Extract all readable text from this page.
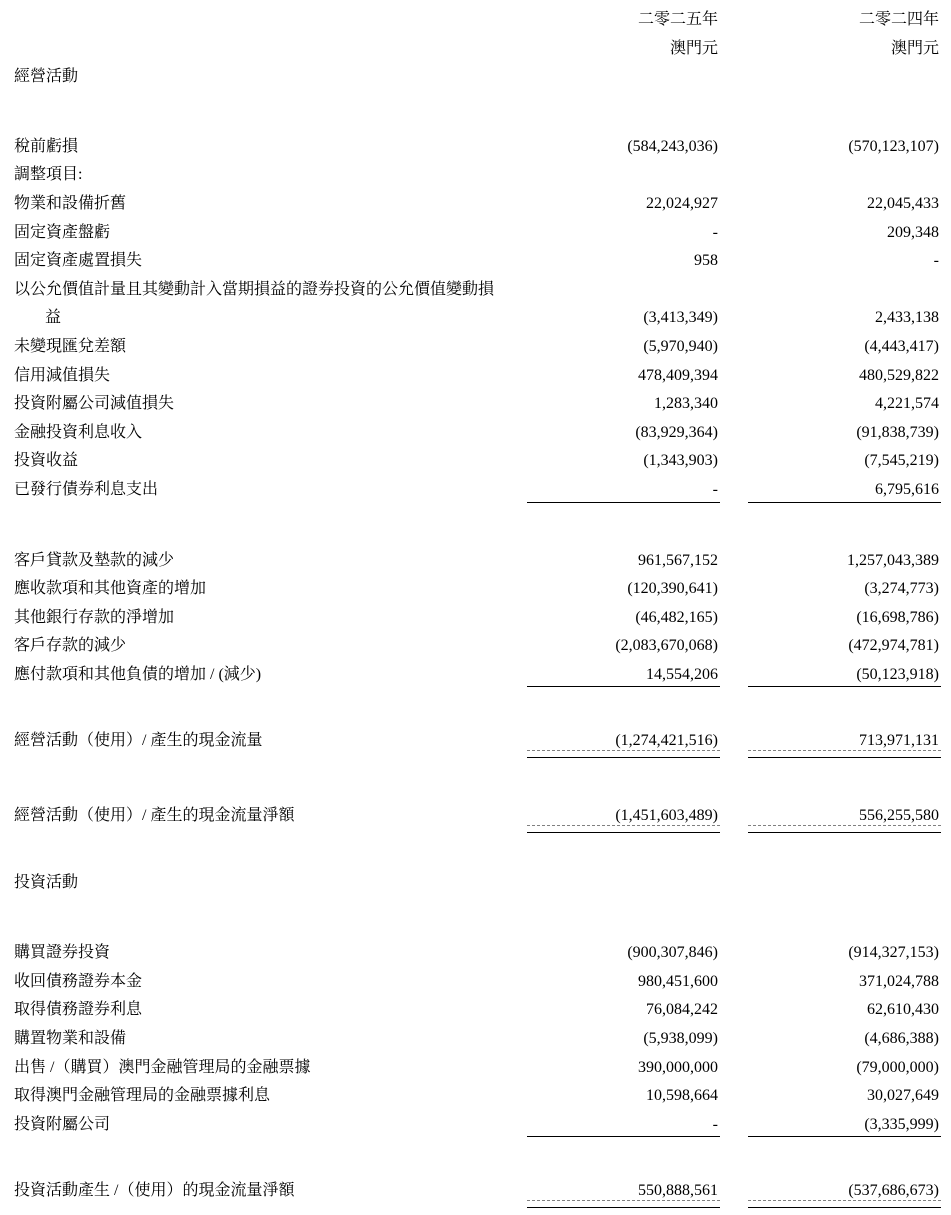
二零二五年	二零二四年
澳門元	澳門元
經營活動
稅前虧損	(584,243,036)	(570,123,107)
調整項目:
物業和設備折舊	22,024,927	22,045,433
固定資產盤虧	-	209,348
固定資產處置損失	958	-
以公允價值計量且其變動計入當期損益的證券投資的公允價值變動損
益	(3,413,349)	2,433,138
未變現匯兌差額	(5,970,940)	(4,443,417)
信用減值損失	478,409,394	480,529,822
投資附屬公司減值損失	1,283,340	4,221,574
金融投資利息收入	(83,929,364)	(91,838,739)
投資收益	(1,343,903)	(7,545,219)
已發行債券利息支出	-	6,795,616
客戶貸款及墊款的減少	961,567,152	1,257,043,389
應收款項和其他資產的增加	(120,390,641)	(3,274,773)
其他銀行存款的淨增加	(46,482,165)	(16,698,786)
客戶存款的減少	(2,083,670,068)	(472,974,781)
應付款項和其他負債的增加 / (減少)	14,554,206	(50,123,918)
經營活動（使用）/ 產生的現金流量	(1,274,421,516)	713,971,131
經營活動（使用）/ 產生的現金流量淨額	(1,451,603,489)	556,255,580
投資活動
購買證券投資	(900,307,846)	(914,327,153)
收回債務證券本金	980,451,600	371,024,788
取得債務證券利息	76,084,242	62,610,430
購置物業和設備	(5,938,099)	(4,686,388)
出售 /（購買）澳門金融管理局的金融票據	390,000,000	(79,000,000)
取得澳門金融管理局的金融票據利息	10,598,664	30,027,649
投資附屬公司	-	(3,335,999)
投資活動產生 /（使用）的現金流量淨額	550,888,561	(537,686,673)
